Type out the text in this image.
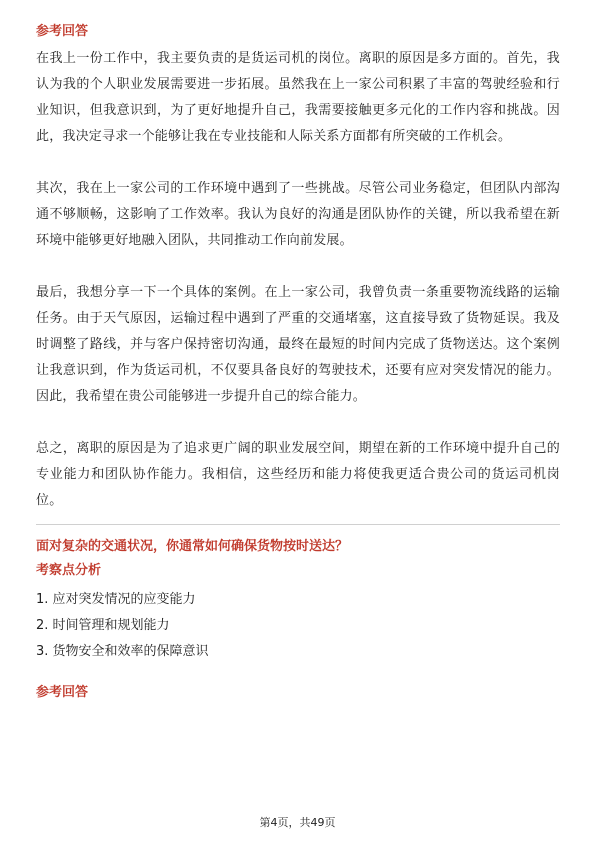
参考回答

在我上一份工作中，我主要负责的是货运司机的岗位。离职的原因是多方面的。首先，我认为我的个人职业发展需要进一步拓展。虽然我在上一家公司积累了丰富的驾驶经验和行业知识，但我意识到，为了更好地提升自己，我需要接触更多元化的工作内容和挑战。因此，我决定寻求一个能够让我在专业技能和人际关系方面都有所突破的工作机会。

其次，我在上一家公司的工作环境中遇到了一些挑战。尽管公司业务稳定，但团队内部沟通不够顺畅，这影响了工作效率。我认为良好的沟通是团队协作的关键，所以我希望在新环境中能够更好地融入团队，共同推动工作向前发展。

最后，我想分享一下一个具体的案例。在上一家公司，我曾负责一条重要物流线路的运输任务。由于天气原因，运输过程中遇到了严重的交通堵塞，这直接导致了货物延误。我及时调整了路线，并与客户保持密切沟通，最终在最短的时间内完成了货物送达。这个案例让我意识到，作为货运司机，不仅要具备良好的驾驶技术，还要有应对突发情况的能力。因此，我希望在贵公司能够进一步提升自己的综合能力。

总之，离职的原因是为了追求更广阔的职业发展空间，期望在新的工作环境中提升自己的专业能力和团队协作能力。我相信，这些经历和能力将使我更适合贵公司的货运司机岗位。

面对复杂的交通状况，你通常如何确保货物按时送达？
考察点分析
1. 应对突发情况的应变能力
2. 时间管理和规划能力
3. 货物安全和效率的保障意识
参考回答
第4页，共49页
